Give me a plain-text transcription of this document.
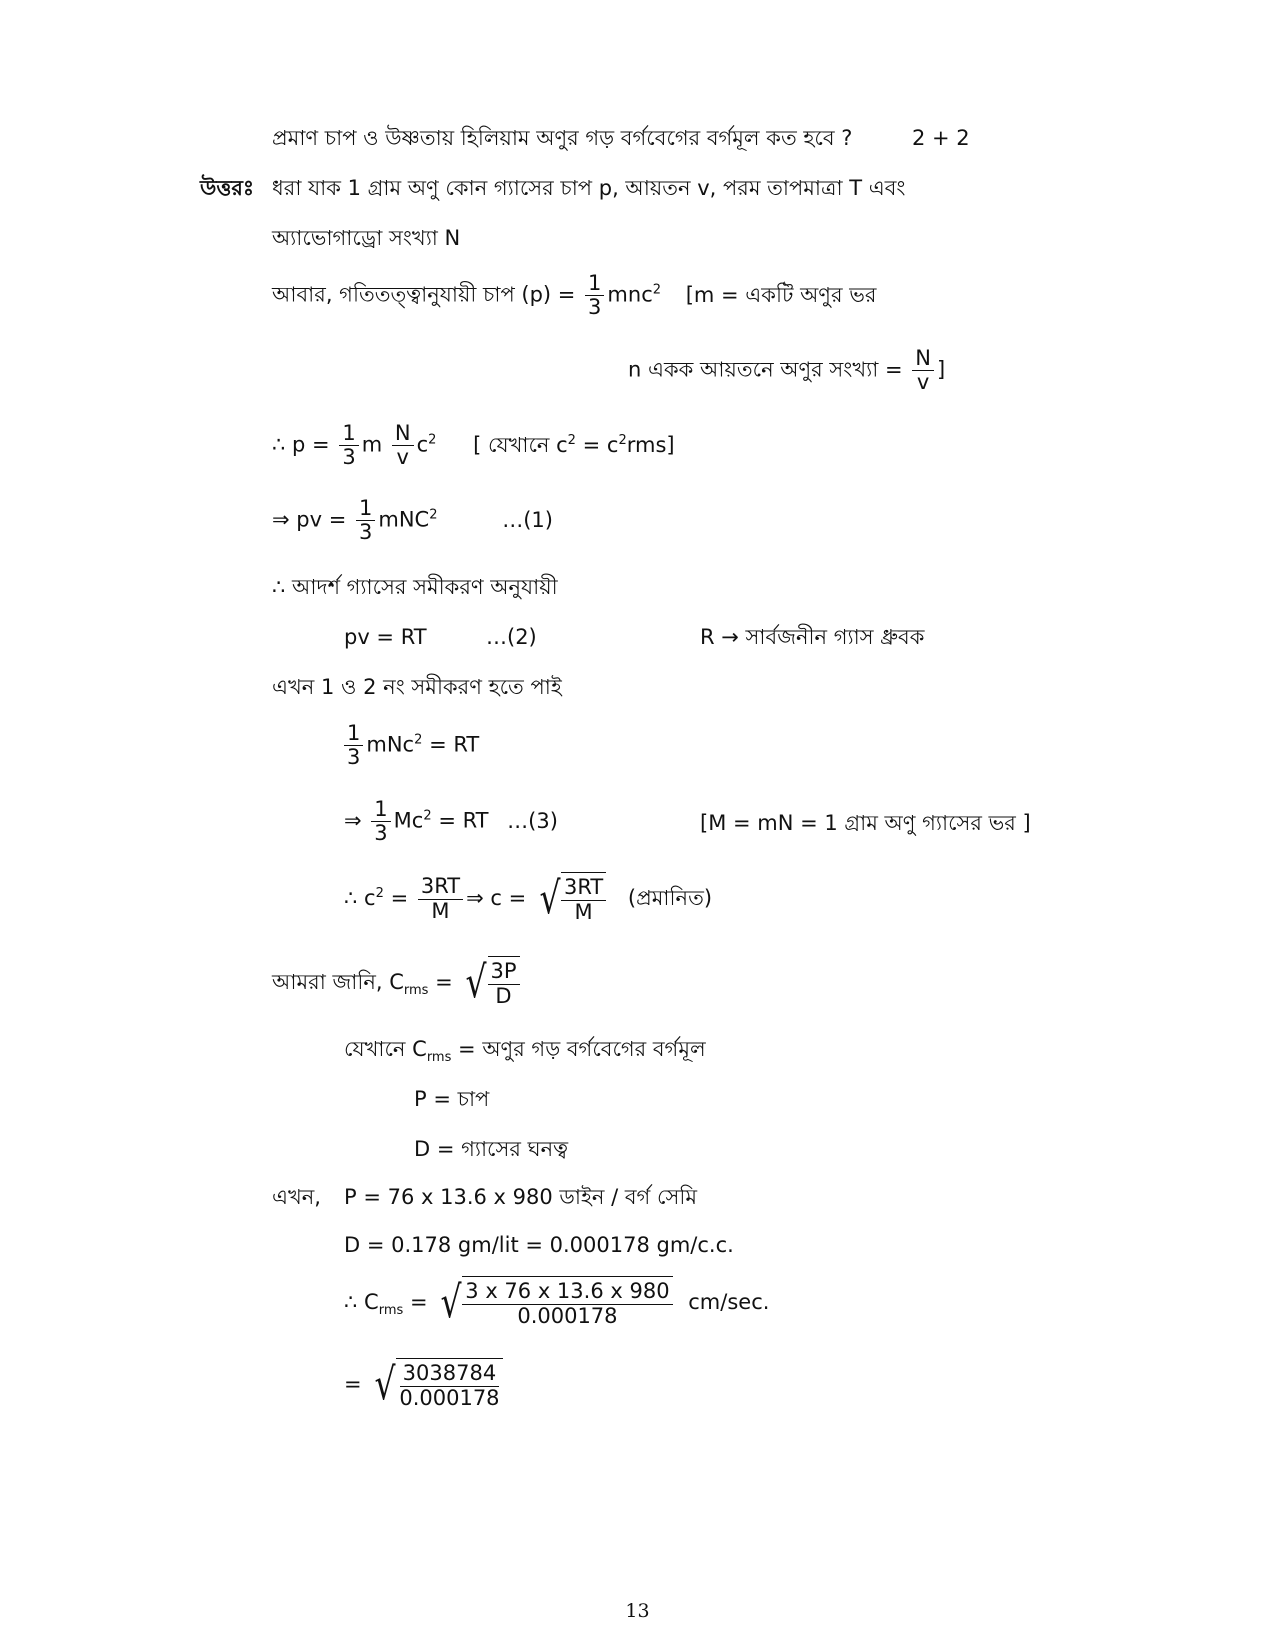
প্রমাণ চাপ ও উষ্ণতায় হিলিয়াম অণুর গড় বর্গবেগের বর্গমূল কত হবে ?	2 + 2
উত্তরঃ ধরা যাক 1 গ্রাম অণু কোন গ্যাসের চাপ p, আয়তন v, পরম তাপমাত্রা T এবং
অ্যাভোগাড্রো সংখ্যা N
আবার, গতিতত্ত্বানুযায়ী চাপ $(p) = \frac{1}{3} mnc^2$ [m = একটি অণুর ভর
n একক আয়তনে অণুর সংখ্যা = $\frac{N}{v}$ ]
∴ $p = \frac{1}{3}$ m $\frac{N}{v} c^2$ [ যেখানে $c^2 = c^2rms$]
⇒ pv = $\frac{1}{3} mNC^2$	…(1)
∴ আদর্শ গ্যাসের সমীকরণ অনুযায়ী
pv = RT	…(2)	R → সার্বজনীন গ্যাস ধ্রুবক
এখন 1 ও 2 নং সমীকরণ হতে পাই
$\frac{1}{3} mNc^2$ = RT
⇒ $\frac{1}{3} Mc^2$ = RT …(3)	[M = mN = 1 গ্রাম অণু গ্যাসের ভর ]
∴ $c^2 = \frac{3RT}{M}$ ⇒ c = √ 3RT
M
(প্রমানিত)
আমরা জানি, $C_{rms}$ = √ 3P
D
যেখানে $C_{rms}$ = অণুর গড় বর্গবেগের বর্গমূল
P = চাপ
D = গ্যাসের ঘনত্ব
এখন, P = 76 x 13.6 x 980 ডাইন / বর্গ সেমি
D = 0.178 gm/lit = 0.000178 gm/c.c.
∴ $C_{rms}$ = √ 3 x 76 x 13.6 x 980
0.000178
cm/sec.
= √ 3038784
0.000178
13
